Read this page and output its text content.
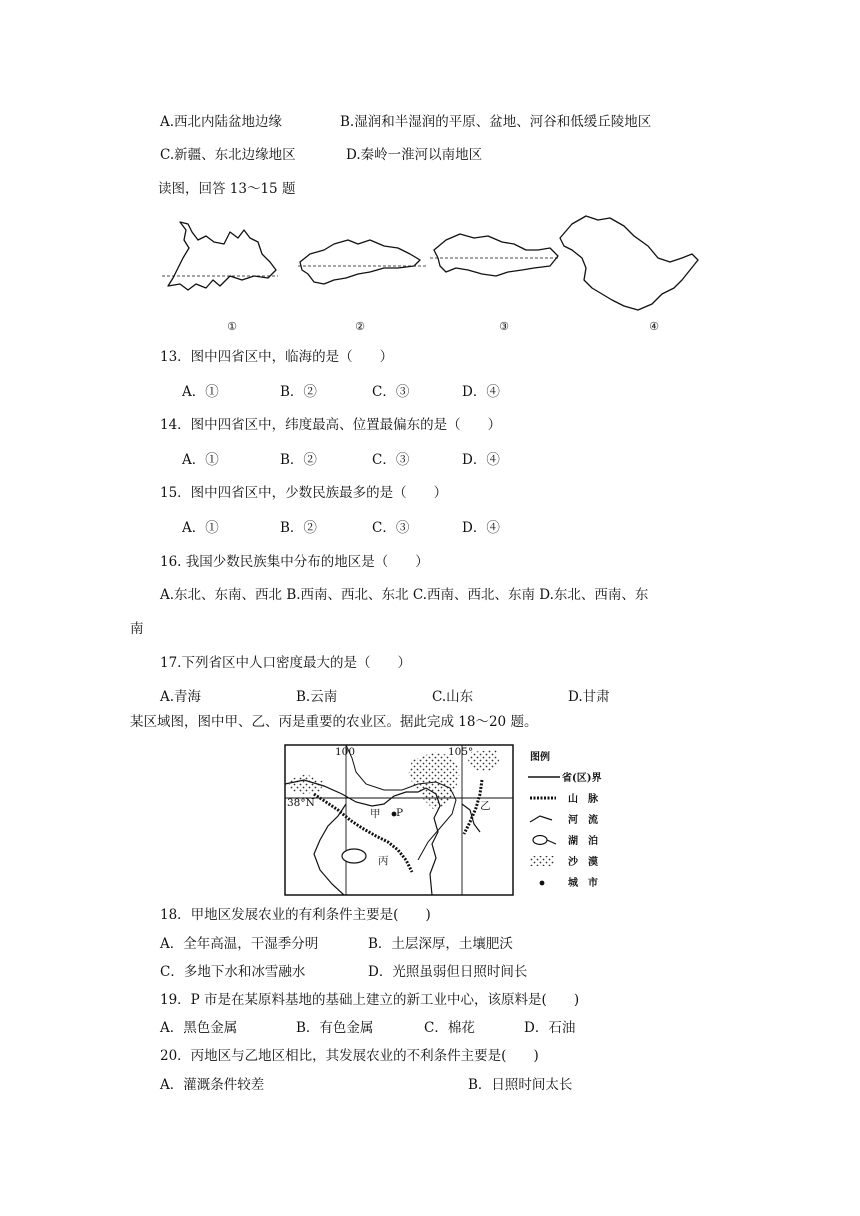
A.西北内陆盆地边缘	B.湿润和半湿润的平原、盆地、河谷和低缓丘陵地区
C.新疆、东北边缘地区	D.秦岭一淮河以南地区
读图，回答 13～15 题
①	②	③	④
13．图中四省区中，临海的是（　　）
A．①	B．②	C．③	D．④
14．图中四省区中，纬度最高、位置最偏东的是（　　）
A．①	B．②	C．③	D．④
15．图中四省区中，少数民族最多的是（　　）
A．①	B．②	C．③	D．④
16. 我国少数民族集中分布的地区是（　　）
A.东北、东南、西北 B.西南、西北、东北 C.西南、西北、东南 D.东北、西南、东
南
17.下列省区中人口密度最大的是（　　）
A.青海	B.云南	C.山东	D.甘肃
某区域图，图中甲、乙、丙是重要的农业区。据此完成 18～20 题。
100	105°
38°N
甲 P
乙
丙
图例
省(区)界
山　脉
河　流
湖　泊
沙　漠
城　市
18．甲地区发展农业的有利条件主要是(　　)
A．全年高温，干湿季分明	B．土层深厚，土壤肥沃
C．多地下水和冰雪融水	D．光照虽弱但日照时间长
19．P 市是在某原料基地的基础上建立的新工业中心，该原料是(　　)
A．黑色金属	B．有色金属	C．棉花	D．石油
20．丙地区与乙地区相比，其发展农业的不利条件主要是(　　)
A．灌溉条件较差	B．日照时间太长
